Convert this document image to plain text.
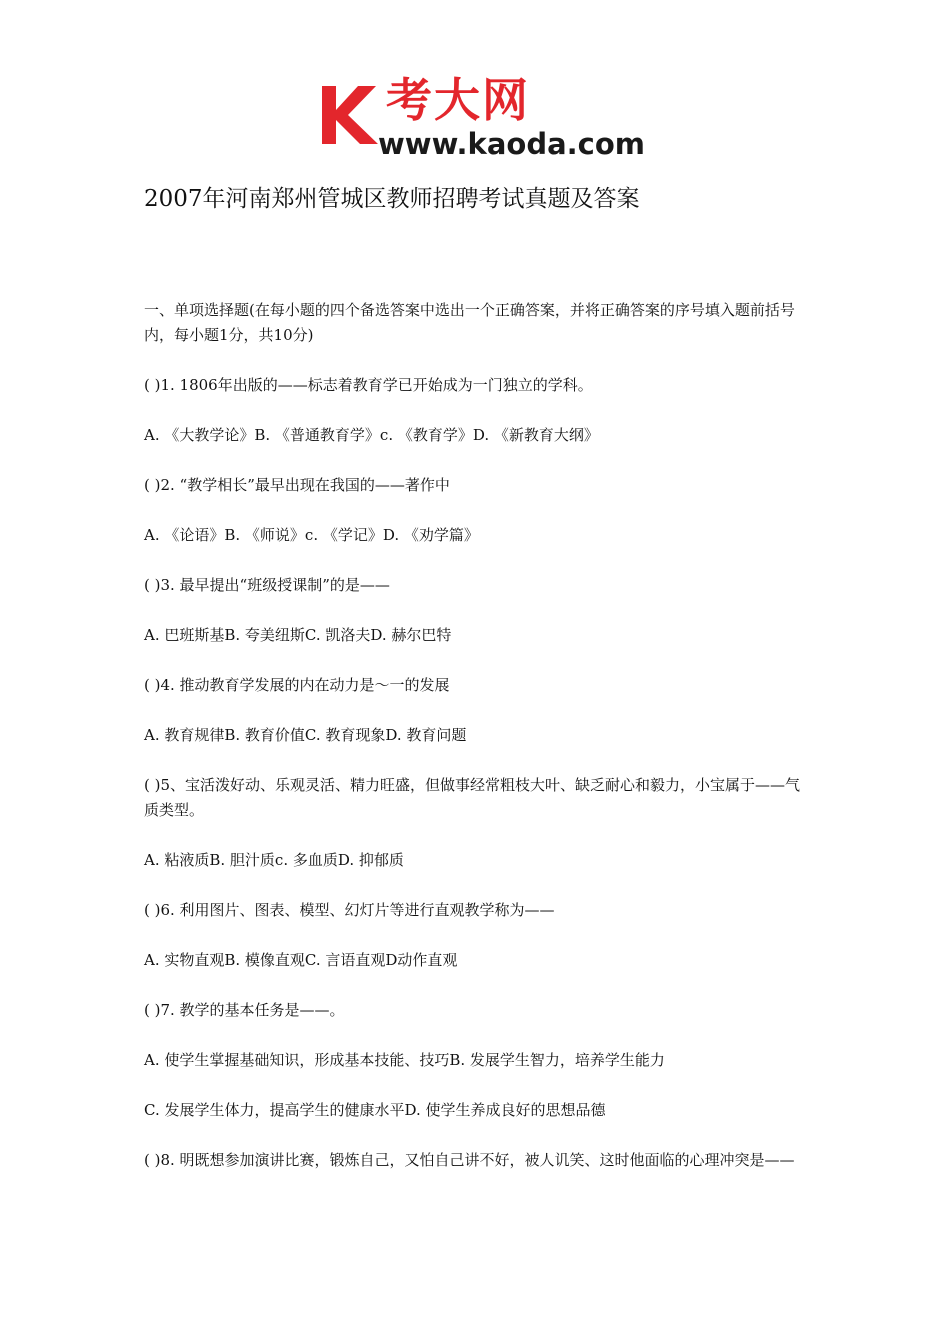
考大网
www.kaoda.com
2007年河南郑州管城区教师招聘考试真题及答案

一、单项选择题(在每小题的四个备选答案中选出一个正确答案，并将正确答案的序号填入题前括号内，每小题1分，共10分)

( )1. 1806年出版的——标志着教育学已开始成为一门独立的学科。

A. 《大教学论》B. 《普通教育学》c. 《教育学》D. 《新教育大纲》

( )2. “教学相长”最早出现在我国的——著作中

A. 《论语》B. 《师说》c. 《学记》D. 《劝学篇》

( )3. 最早提出“班级授课制”的是——

A. 巴班斯基B. 夸美纽斯C. 凯洛夫D. 赫尔巴特

( )4. 推动教育学发展的内在动力是～一的发展

A. 教育规律B. 教育价值C. 教育现象D. 教育问题

( )5、宝活泼好动、乐观灵活、精力旺盛，但做事经常粗枝大叶、缺乏耐心和毅力，小宝属于——气质类型。

A. 粘液质B. 胆汁质c. 多血质D. 抑郁质

( )6. 利用图片、图表、模型、幻灯片等进行直观教学称为——

A. 实物直观B. 模像直观C. 言语直观D动作直观

( )7. 教学的基本任务是——。

A. 使学生掌握基础知识，形成基本技能、技巧B. 发展学生智力，培养学生能力

C. 发展学生体力，提高学生的健康水平D. 使学生养成良好的思想品德

( )8. 明既想参加演讲比赛，锻炼自己，又怕自己讲不好，被人讥笑、这时他面临的心理冲突是——
